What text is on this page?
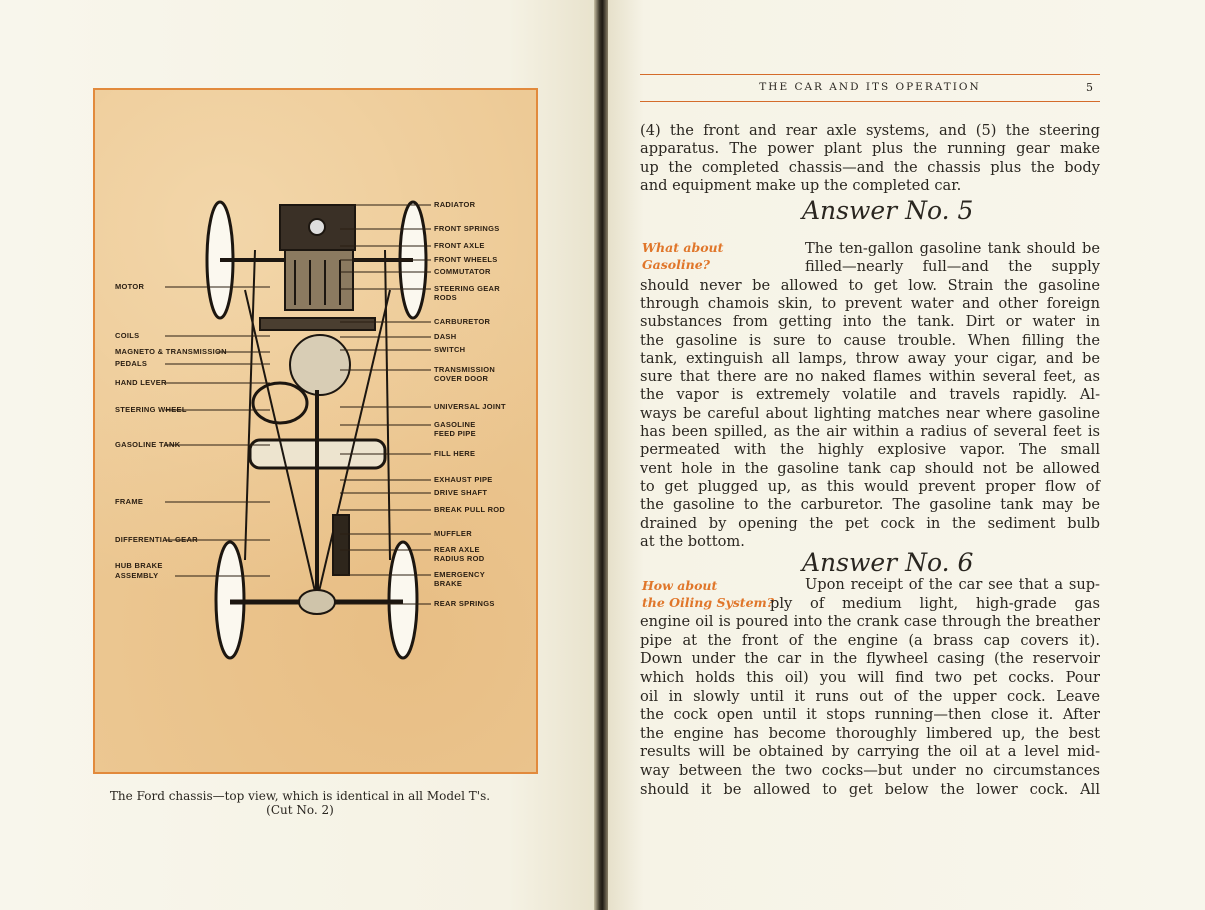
MOTOR
COILS
MAGNETO & TRANSMISSION
PEDALS
HAND LEVER
STEERING WHEEL
GASOLINE TANK
FRAME
DIFFERENTIAL GEAR
HUB BRAKE
ASSEMBLY
RADIATOR
FRONT SPRINGS
FRONT AXLE
FRONT WHEELS
COMMUTATOR
STEERING GEAR
RODS
CARBURETOR
DASH
SWITCH
TRANSMISSION
COVER DOOR
UNIVERSAL JOINT
GASOLINE
FEED PIPE
FILL HERE
EXHAUST PIPE
DRIVE SHAFT
BREAK PULL ROD
MUFFLER
REAR AXLE
RADIUS ROD
EMERGENCY
BRAKE
REAR SPRINGS
The Ford chassis—top view, which is identical in all Model T's.
(Cut No. 2)
THE CAR AND ITS OPERATION	5
Answer No. 5
What about
Gasoline?
Answer No. 6
How about
the Oiling System?
(4) the front and rear axle systems, and (5) the steering
apparatus. The power plant plus the running gear make
up the completed chassis—and the chassis plus the body
and equipment make up the completed car.
The ten-gallon gasoline tank should be
filled—nearly full—and the supply
should never be allowed to get low. Strain the gasoline
through chamois skin, to prevent water and other foreign
substances from getting into the tank. Dirt or water in
the gasoline is sure to cause trouble. When filling the
tank, extinguish all lamps, throw away your cigar, and be
sure that there are no naked flames within several feet, as
the vapor is extremely volatile and travels rapidly. Al-
ways be careful about lighting matches near where gasoline
has been spilled, as the air within a radius of several feet is
permeated with the highly explosive vapor. The small
vent hole in the gasoline tank cap should not be allowed
to get plugged up, as this would prevent proper flow of
the gasoline to the carburetor. The gasoline tank may be
drained by opening the pet cock in the sediment bulb
at the bottom.
Upon receipt of the car see that a sup-
ply of medium light, high-grade gas
engine oil is poured into the crank case through the breather
pipe at the front of the engine (a brass cap covers it).
Down under the car in the flywheel casing (the reservoir
which holds this oil) you will find two pet cocks. Pour
oil in slowly until it runs out of the upper cock. Leave
the cock open until it stops running—then close it. After
the engine has become thoroughly limbered up, the best
results will be obtained by carrying the oil at a level mid-
way between the two cocks—but under no circumstances
should it be allowed to get below the lower cock. All
